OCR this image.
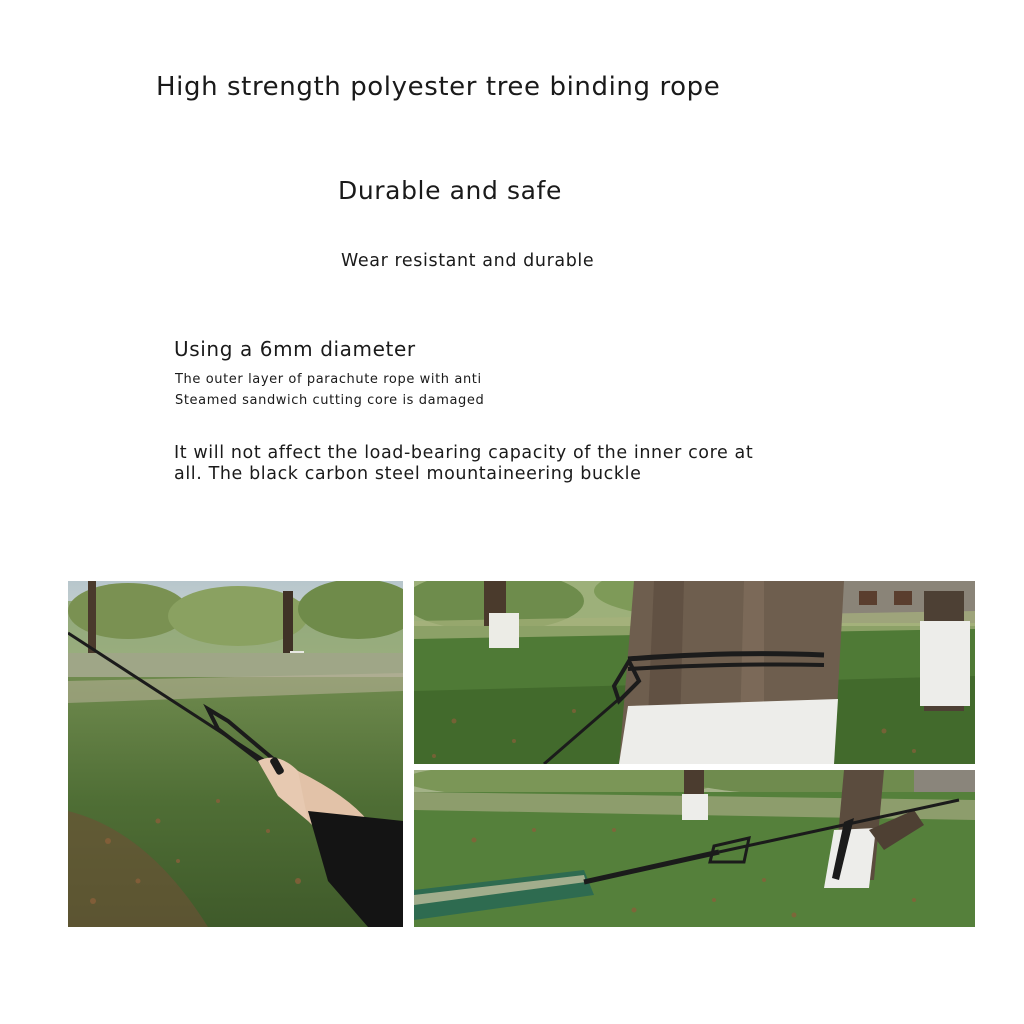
High strength polyester tree binding rope
Durable and safe

Wear resistant and durable

Using a 6mm diameter

The outer layer of parachute rope with anti Steamed sandwich cutting core is damaged

It will not affect the load-bearing capacity of the inner core at all. The black carbon steel mountaineering buckle
